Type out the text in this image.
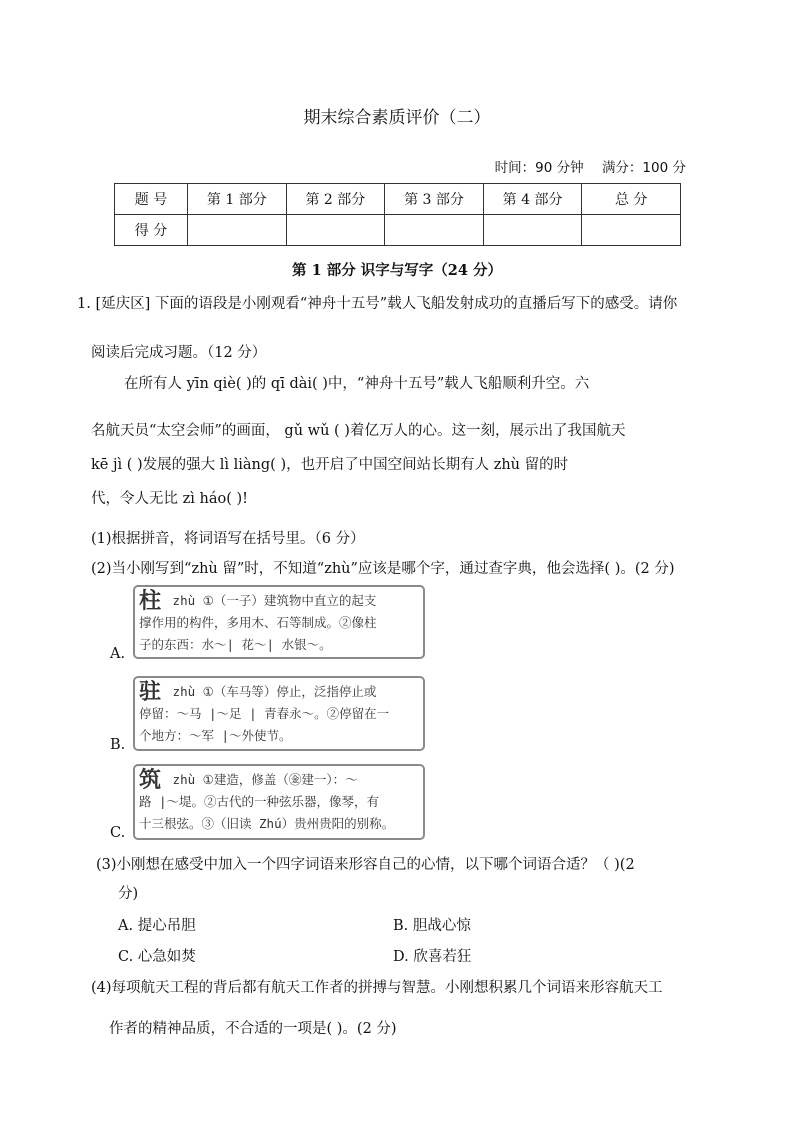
期末综合素质评价（二）
时间：90 分钟 满分：100 分
题 号	第 1 部分	第 2 部分	第 3 部分	第 4 部分	总 分
得 分					
第 1 部分 识字与写字（24 分）
1. [延庆区] 下面的语段是小刚观看“神舟十五号”载人飞船发射成功的直播后写下的感受。请你
阅读后完成习题。（12 分）
在所有人 yīn qiè( )的 qī dài( )中，“神舟十五号”载人飞船顺利升空。六
名航天员“太空会师”的画面， gǔ wǔ ( )着亿万人的心。这一刻，展示出了我国航天
kē jì ( )发展的强大 lì liàng( )，也开启了中国空间站长期有人 zhù 留的时
代，令人无比 zì háo( )!
(1)根据拼音，将词语写在括号里。（6 分）
(2)当小刚写到“zhù 留”时，不知道“zhù”应该是哪个字，通过查字典，他会选择( )。(2 分)
A.
柱 zhù ①（一子）建筑物中直立的起支
撑作用的构件，多用木、石等制成。②像柱
子的东西：水～| 花～| 水银～。
B.
驻 zhù ①（车马等）停止，泛指停止或
停留：～马 |～足 | 青春永～。②停留在一
个地方：～军 |～外使节。
C.
筑 zhù ①建造，修盖（㊎建一）：～
路 |～堤。②古代的一种弦乐器，像琴，有
十三根弦。③（旧读 Zhú）贵州贵阳的别称。
(3)小刚想在感受中加入一个四字词语来形容自己的心情，以下哪个词语合适？（ )(2
分)
A. 提心吊胆	B. 胆战心惊
C. 心急如焚	D. 欣喜若狂
(4)每项航天工程的背后都有航天工作者的拼搏与智慧。小刚想积累几个词语来形容航天工
作者的精神品质，不合适的一项是( )。(2 分)
